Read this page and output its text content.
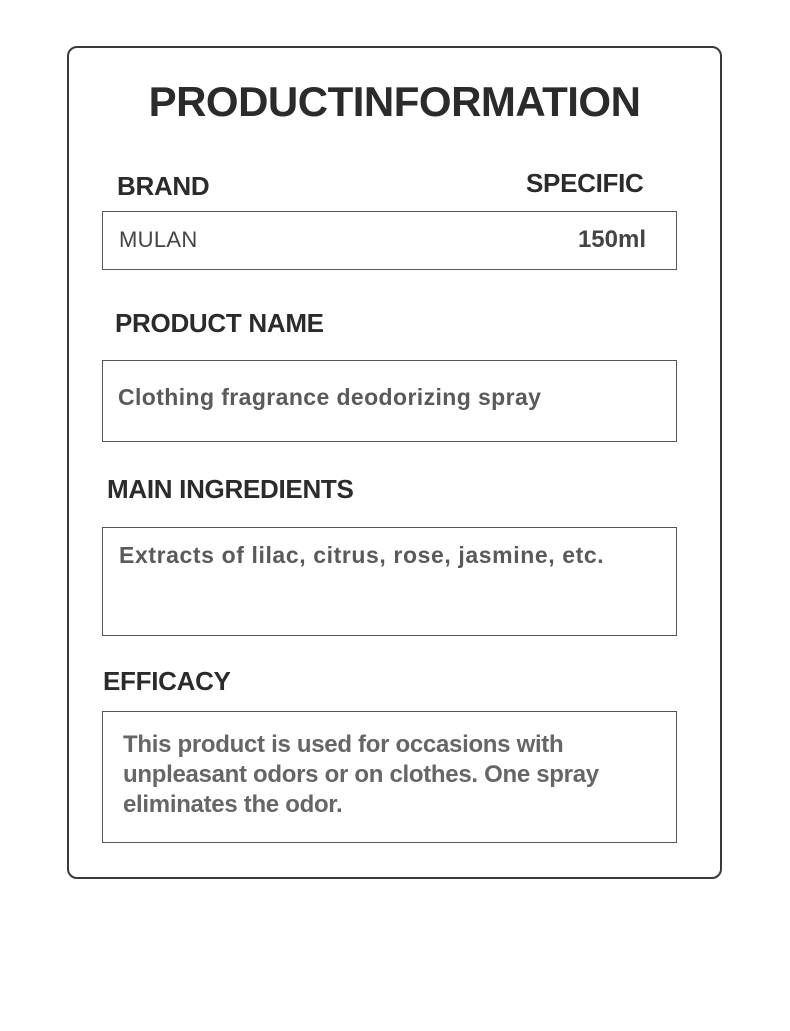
PRODUCTINFORMATION
BRAND	SPECIFIC
MULAN	150ml
PRODUCT NAME
Clothing fragrance deodorizing spray
MAIN INGREDIENTS
Extracts of lilac, citrus, rose, jasmine, etc.
EFFICACY
This product is used for occasions with unpleasant odors or on clothes. One spray eliminates the odor.
